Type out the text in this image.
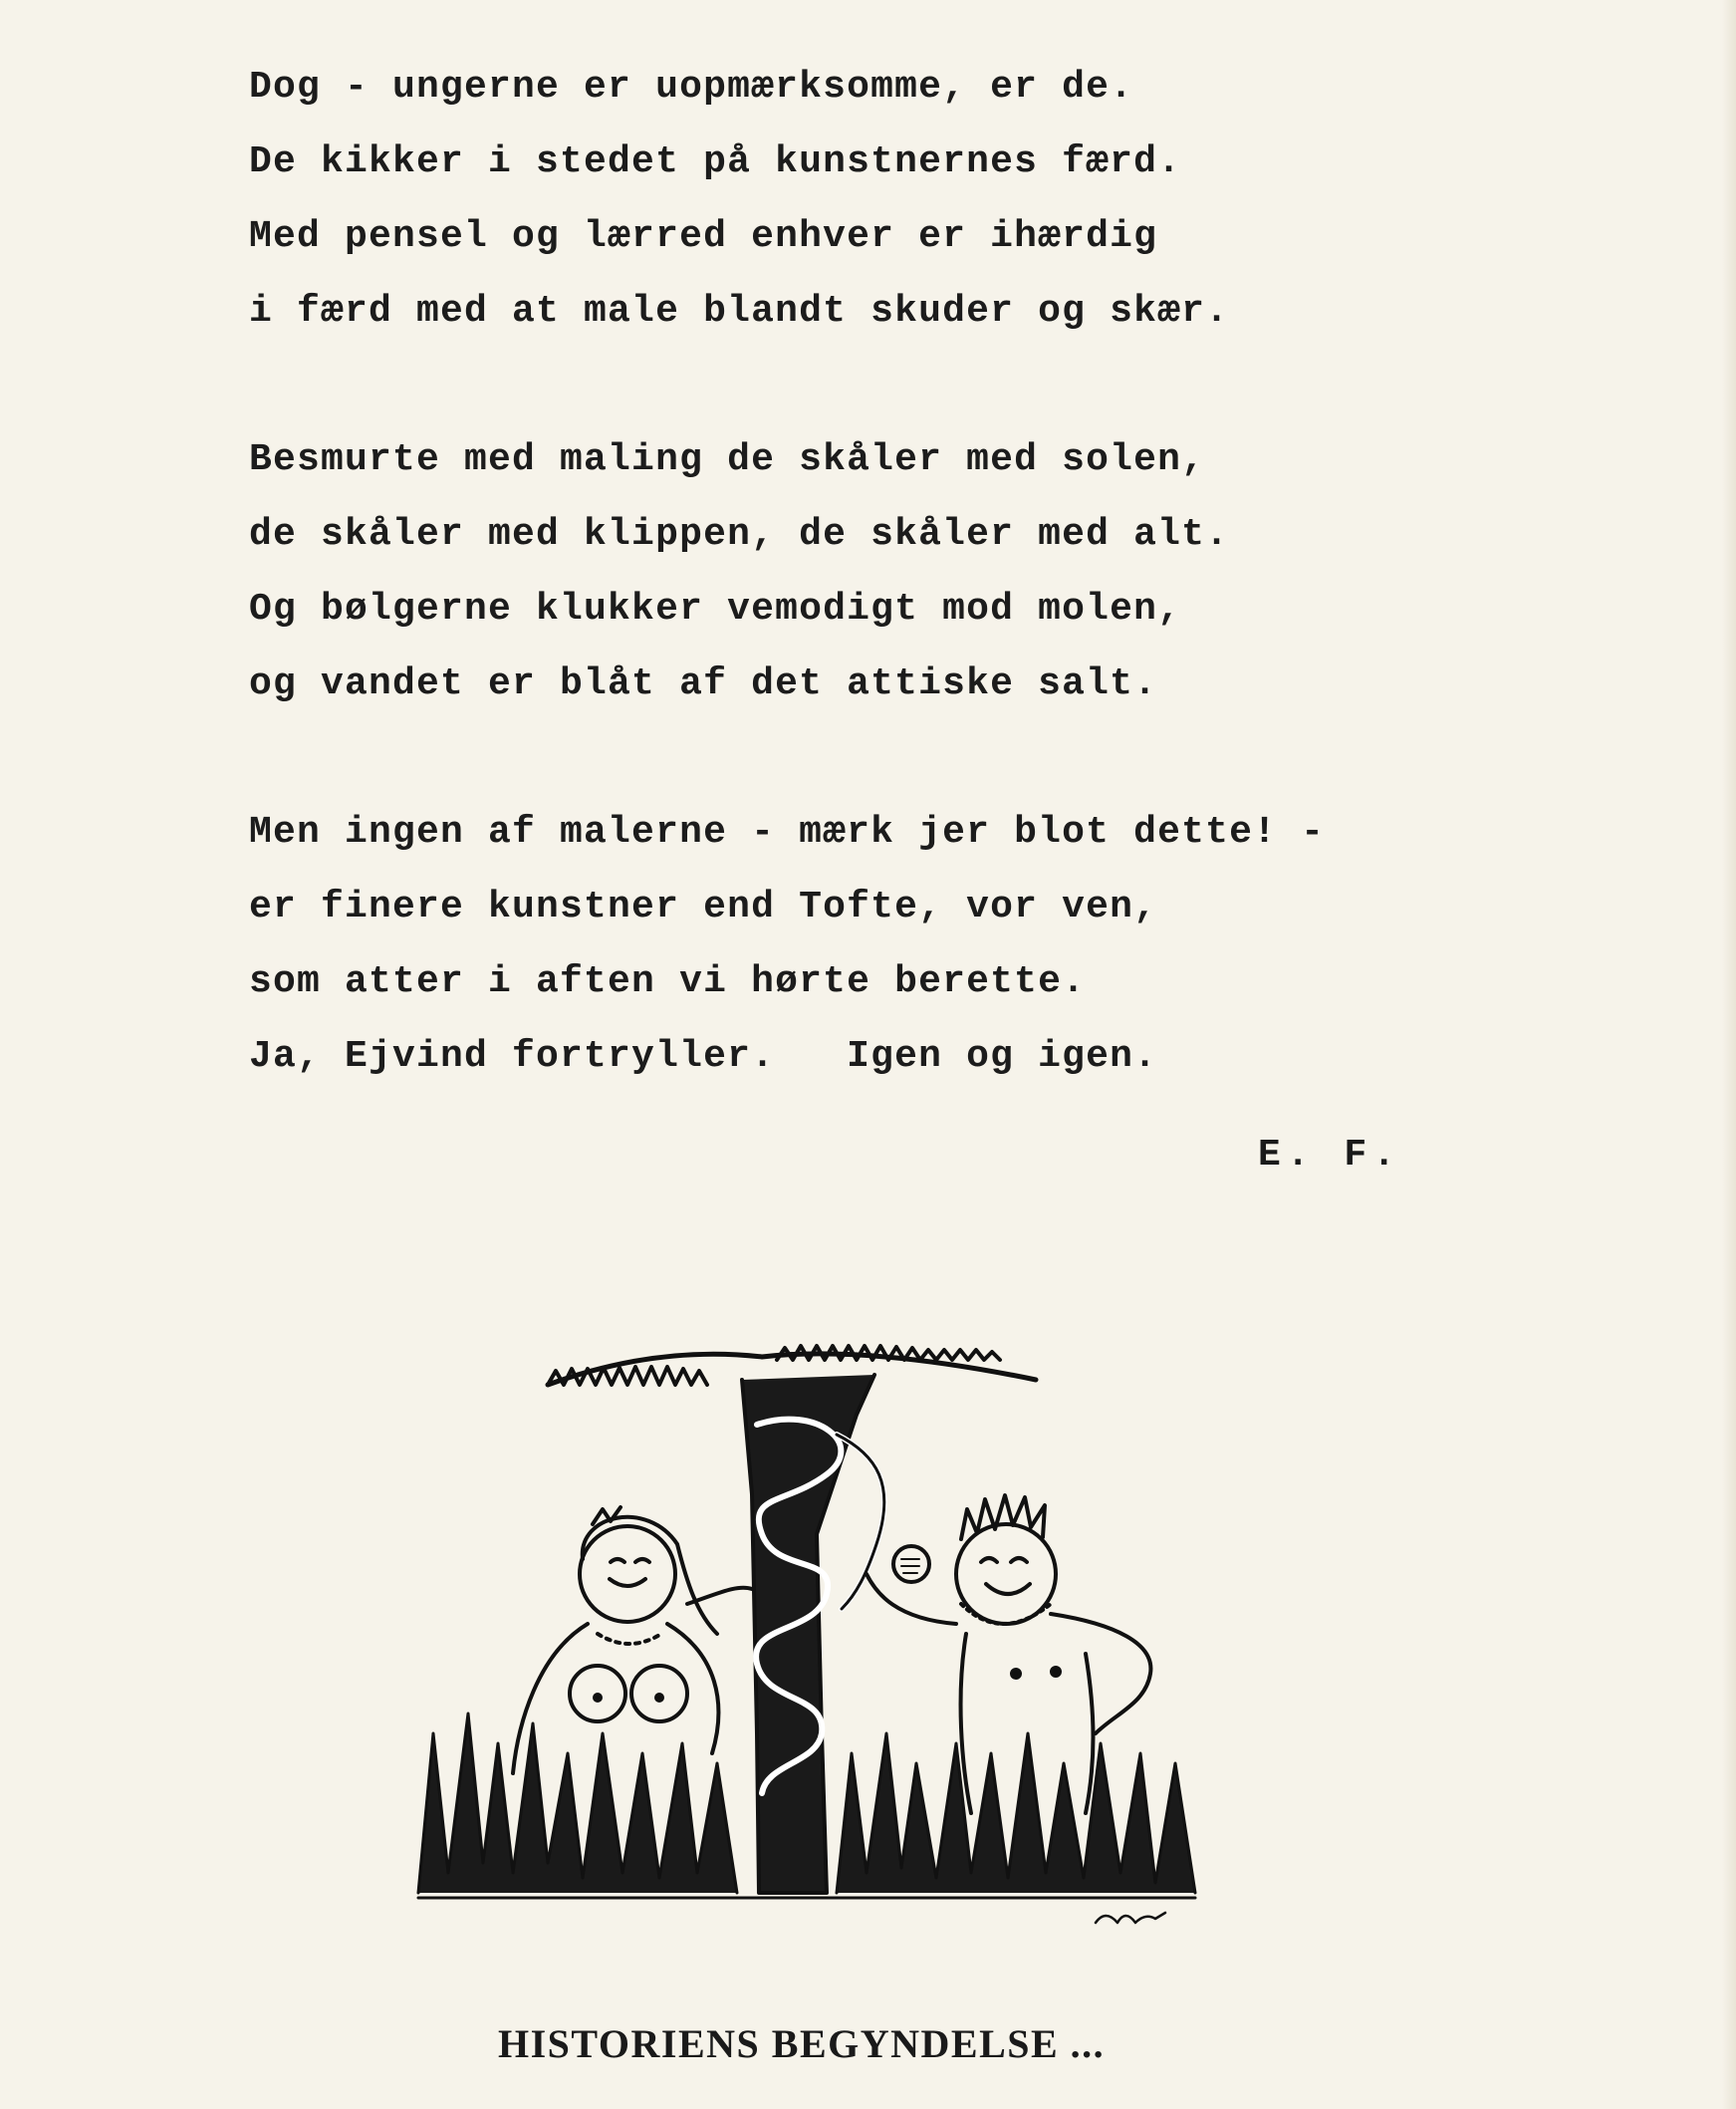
Dog - ungerne er uopmærksomme, er de.
De kikker i stedet på kunstnernes færd.
Med pensel og lærred enhver er ihærdig
i færd med at male blandt skuder og skær.
Besmurte med maling de skåler med solen,
de skåler med klippen, de skåler med alt.
Og bølgerne klukker vemodigt mod molen,
og vandet er blåt af det attiske salt.
Men ingen af malerne - mærk jer blot dette! -
er finere kunstner end Tofte, vor ven,
som atter i aften vi hørte berette.
Ja, Ejvind fortryller.   Igen og igen.
E. F.
HISTORIENS BEGYNDELSE ...
